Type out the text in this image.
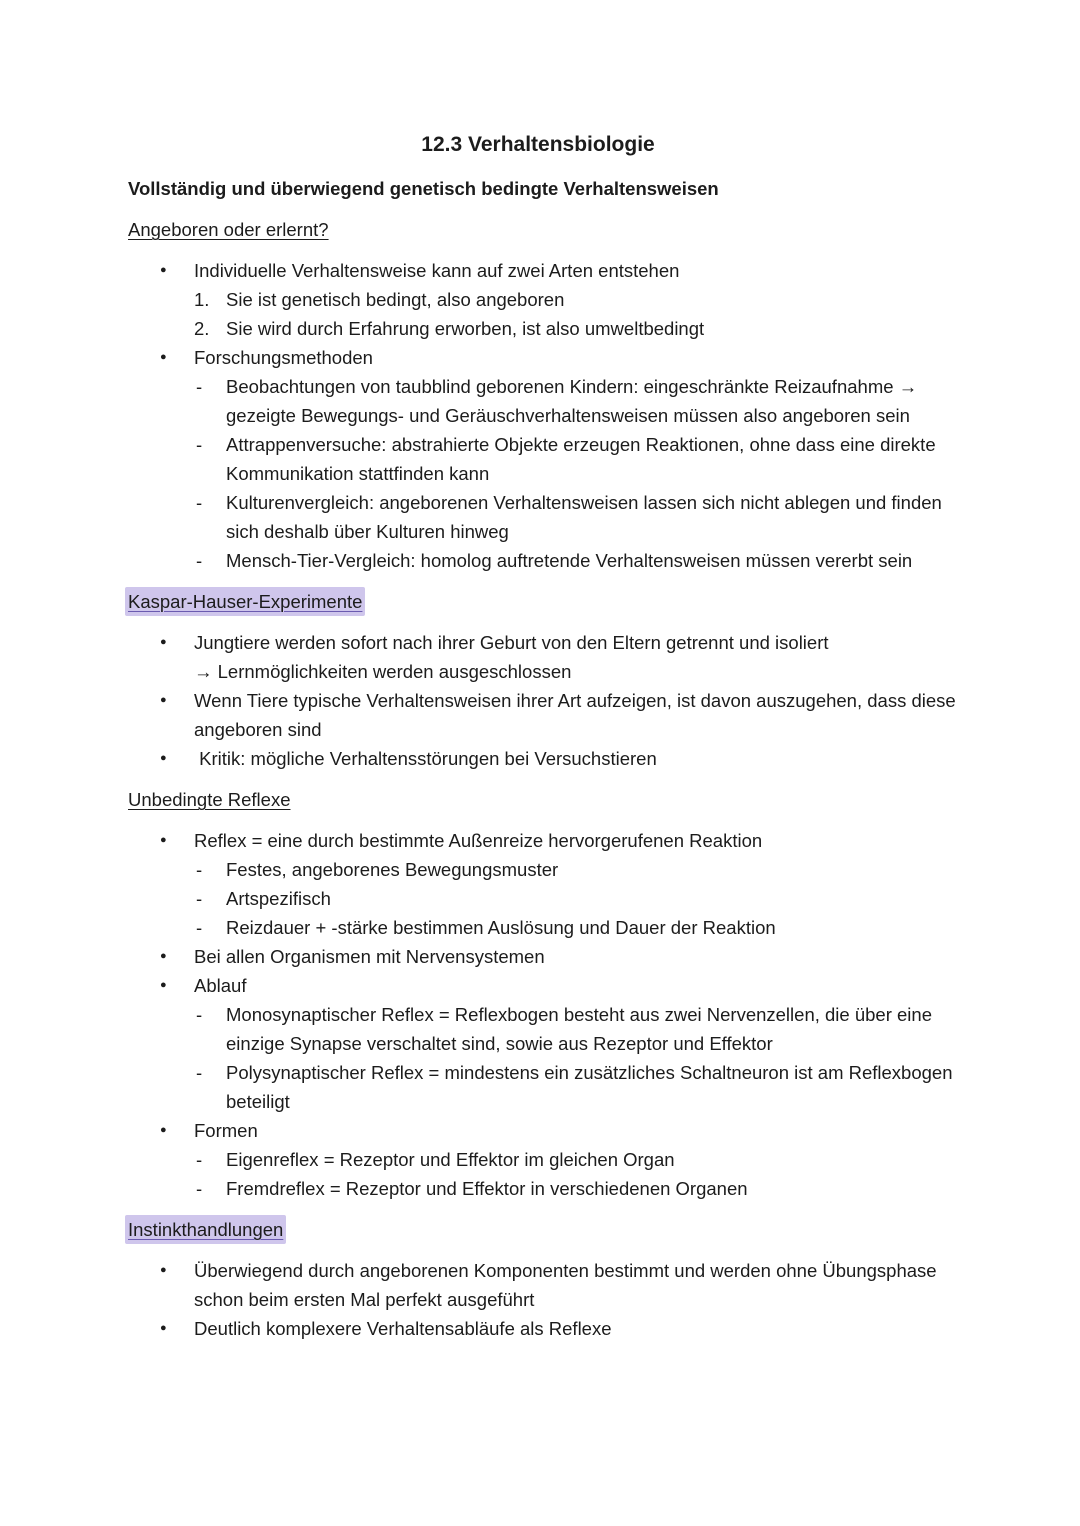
12.3 Verhaltensbiologie
Vollständig und überwiegend genetisch bedingte Verhaltensweisen
Angeboren oder erlernt?
● Individuelle Verhaltensweise kann auf zwei Arten entstehen
1. Sie ist genetisch bedingt, also angeboren
2. Sie wird durch Erfahrung erworben, ist also umweltbedingt
● Forschungsmethoden
- Beobachtungen von taubblind geborenen Kindern: eingeschränkte Reizaufnahme → gezeigte Bewegungs- und Geräuschverhaltensweisen müssen also angeboren sein
- Attrappenversuche: abstrahierte Objekte erzeugen Reaktionen, ohne dass eine direkte Kommunikation stattfinden kann
- Kulturenvergleich: angeborenen Verhaltensweisen lassen sich nicht ablegen und finden sich deshalb über Kulturen hinweg
- Mensch-Tier-Vergleich: homolog auftretende Verhaltensweisen müssen vererbt sein
Kaspar-Hauser-Experimente
● Jungtiere werden sofort nach ihrer Geburt von den Eltern getrennt und isoliert
→ Lernmöglichkeiten werden ausgeschlossen
● Wenn Tiere typische Verhaltensweisen ihrer Art aufzeigen, ist davon auszugehen, dass diese angeboren sind
●  Kritik: mögliche Verhaltensstörungen bei Versuchstieren
Unbedingte Reflexe
● Reflex = eine durch bestimmte Außenreize hervorgerufenen Reaktion
- Festes, angeborenes Bewegungsmuster
- Artspezifisch
- Reizdauer + -stärke bestimmen Auslösung und Dauer der Reaktion
● Bei allen Organismen mit Nervensystemen
● Ablauf
- Monosynaptischer Reflex = Reflexbogen besteht aus zwei Nervenzellen, die über eine einzige Synapse verschaltet sind, sowie aus Rezeptor und Effektor
- Polysynaptischer Reflex = mindestens ein zusätzliches Schaltneuron ist am Reflexbogen beteiligt
● Formen
- Eigenreflex = Rezeptor und Effektor im gleichen Organ
- Fremdreflex = Rezeptor und Effektor in verschiedenen Organen
Instinkthandlungen
● Überwiegend durch angeborenen Komponenten bestimmt und werden ohne Übungsphase schon beim ersten Mal perfekt ausgeführt
● Deutlich komplexere Verhaltensabläufe als Reflexe
